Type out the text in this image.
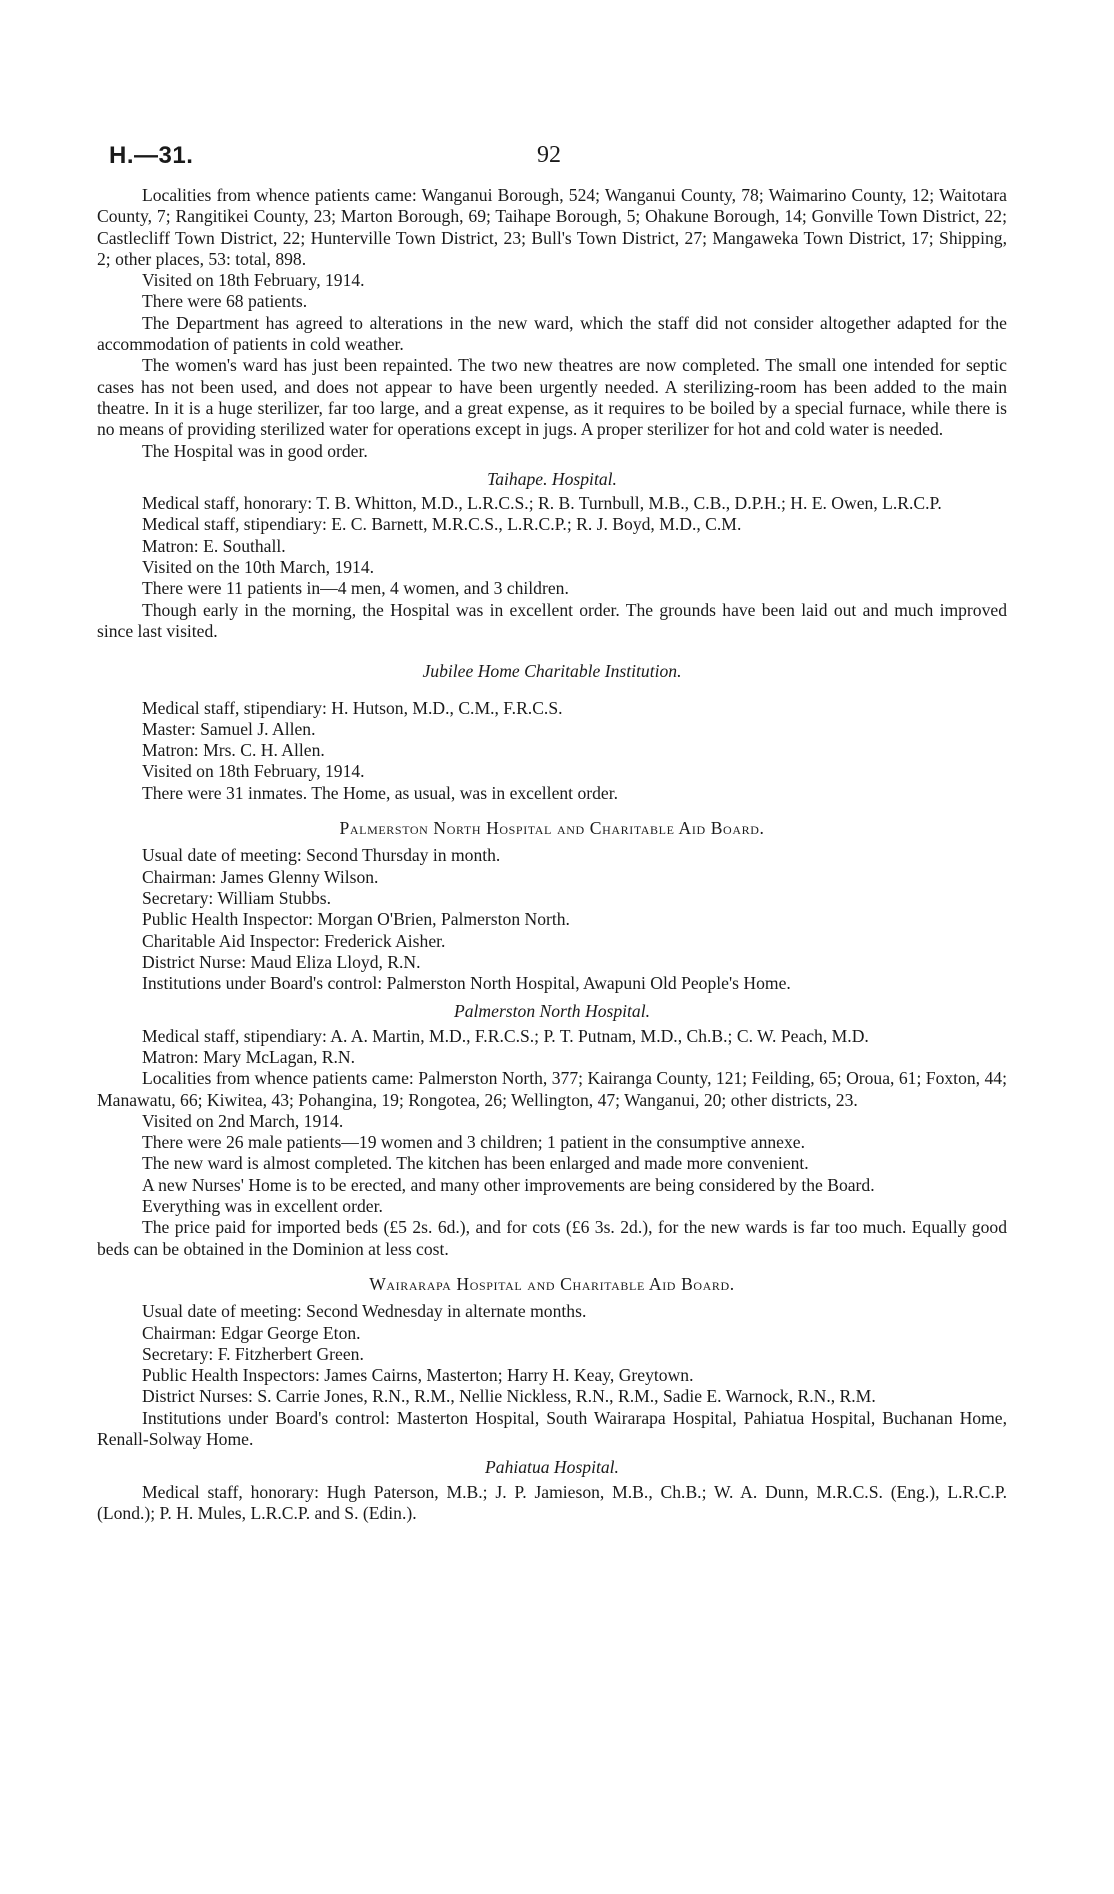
H.—31.	92

Localities from whence patients came: Wanganui Borough, 524; Wanganui County, 78; Waimarino County, 12; Waitotara County, 7; Rangitikei County, 23; Marton Borough, 69; Taihape Borough, 5; Ohakune Borough, 14; Gonville Town District, 22; Castlecliff Town District, 22; Hunterville Town District, 23; Bull's Town District, 27; Mangaweka Town District, 17; Shipping, 2; other places, 53: total, 898.

Visited on 18th February, 1914.

There were 68 patients.

The Department has agreed to alterations in the new ward, which the staff did not consider altogether adapted for the accommodation of patients in cold weather.

The women's ward has just been repainted. The two new theatres are now completed. The small one intended for septic cases has not been used, and does not appear to have been urgently needed. A sterilizing-room has been added to the main theatre. In it is a huge sterilizer, far too large, and a great expense, as it requires to be boiled by a special furnace, while there is no means of providing sterilized water for operations except in jugs. A proper sterilizer for hot and cold water is needed.

The Hospital was in good order.

Taihape. Hospital.

Medical staff, honorary: T. B. Whitton, M.D., L.R.C.S.; R. B. Turnbull, M.B., C.B., D.P.H.; H. E. Owen, L.R.C.P.

Medical staff, stipendiary: E. C. Barnett, M.R.C.S., L.R.C.P.; R. J. Boyd, M.D., C.M.

Matron: E. Southall.

Visited on the 10th March, 1914.

There were 11 patients in—4 men, 4 women, and 3 children.

Though early in the morning, the Hospital was in excellent order. The grounds have been laid out and much improved since last visited.

Jubilee Home Charitable Institution.

Medical staff, stipendiary: H. Hutson, M.D., C.M., F.R.C.S.

Master: Samuel J. Allen.

Matron: Mrs. C. H. Allen.

Visited on 18th February, 1914.

There were 31 inmates. The Home, as usual, was in excellent order.

Palmerston North Hospital and Charitable Aid Board.

Usual date of meeting: Second Thursday in month.

Chairman: James Glenny Wilson.

Secretary: William Stubbs.

Public Health Inspector: Morgan O'Brien, Palmerston North.

Charitable Aid Inspector: Frederick Aisher.

District Nurse: Maud Eliza Lloyd, R.N.

Institutions under Board's control: Palmerston North Hospital, Awapuni Old People's Home.

Palmerston North Hospital.

Medical staff, stipendiary: A. A. Martin, M.D., F.R.C.S.; P. T. Putnam, M.D., Ch.B.; C. W. Peach, M.D.

Matron: Mary McLagan, R.N.

Localities from whence patients came: Palmerston North, 377; Kairanga County, 121; Feilding, 65; Oroua, 61; Foxton, 44; Manawatu, 66; Kiwitea, 43; Pohangina, 19; Rongotea, 26; Wellington, 47; Wanganui, 20; other districts, 23.

Visited on 2nd March, 1914.

There were 26 male patients—19 women and 3 children; 1 patient in the consumptive annexe.

The new ward is almost completed. The kitchen has been enlarged and made more convenient.

A new Nurses' Home is to be erected, and many other improvements are being considered by the Board.

Everything was in excellent order.

The price paid for imported beds (£5 2s. 6d.), and for cots (£6 3s. 2d.), for the new wards is far too much. Equally good beds can be obtained in the Dominion at less cost.

Wairarapa Hospital and Charitable Aid Board.

Usual date of meeting: Second Wednesday in alternate months.

Chairman: Edgar George Eton.

Secretary: F. Fitzherbert Green.

Public Health Inspectors: James Cairns, Masterton; Harry H. Keay, Greytown.

District Nurses: S. Carrie Jones, R.N., R.M., Nellie Nickless, R.N., R.M., Sadie E. Warnock, R.N., R.M.

Institutions under Board's control: Masterton Hospital, South Wairarapa Hospital, Pahiatua Hospital, Buchanan Home, Renall-Solway Home.

Pahiatua Hospital.

Medical staff, honorary: Hugh Paterson, M.B.; J. P. Jamieson, M.B., Ch.B.; W. A. Dunn, M.R.C.S. (Eng.), L.R.C.P. (Lond.); P. H. Mules, L.R.C.P. and S. (Edin.).
